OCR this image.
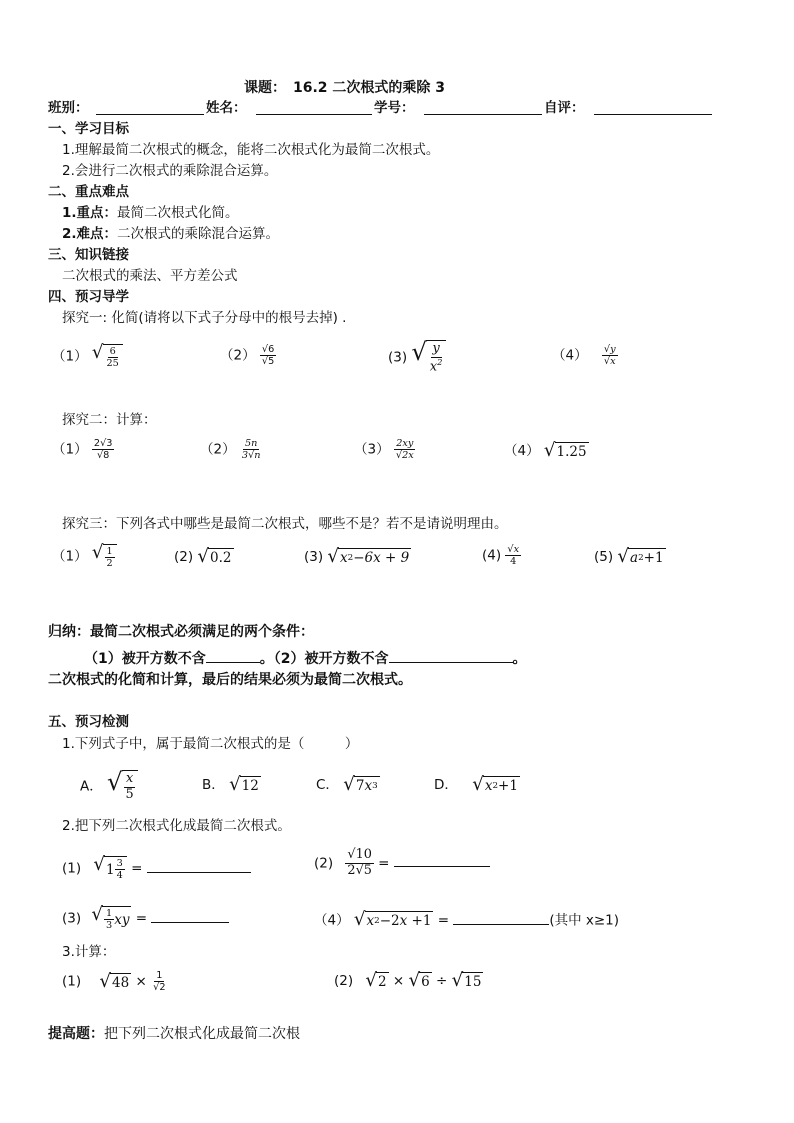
课题：　16.2 二次根式的乘除 3
班别：	姓名：	学号：	自评：
一、学习目标
1.理解最简二次根式的概念，能将二次根式化为最简二次根式。
2.会进行二次根式的乘除混合运算。
二、重点难点
1.重点：最简二次根式化简。
2.难点：二次根式的乘除混合运算。
三、知识链接
二次根式的乘法、平方差公式
四、预习导学
探究一: 化简(请将以下式子分母中的根号去掉) .
（1） √ $\frac{6}{25}$	$(2) \frac{√6}{√5}$	(3) √ $\frac{y}{x^2}$	$(4) \frac{√y}{√x}$
探究二：计算：
$(1) \frac{2√3}{√8}$	$(2) \frac{5n}{3√n}$	$(3) \frac{2xy}{√2x}$	（4） √ 1.25
探究三：下列各式中哪些是最简二次根式，哪些不是？若不是请说明理由。
（1） √ $\frac{1}{2}$	(2) √ 0.2	(3) √ x 2 −6x + 9	$(4) \frac{√x}{4}$	(5) √ a 2 + 1
归纳：最简二次根式必须满足的两个条件：
（1）被开方数不含	。（2）被开方数不含	。
二次根式的化简和计算，最后的结果必须为最简二次根式。
五、预习检测
1.下列式子中，属于最简二次根式的是（　　　）
A． √ $\frac{x}{5}$	B． √ 12	C． √ 7 x 3	D． √ x 2 + 1
2.把下列二次根式化成最简二次根式。
(1) √ $1 \frac{3}{4}$ =	$(2) \frac{√10}{2√5}$ =
(3) √ $\frac{1}{3}$ xy =	（4） √ x 2 − 2 x + 1 =	(其中 x≥1)
3.计算：
(1) √ $48 \times \frac{1}{√2}$	(2) √ 2 × √ 6 ÷ √ 15
提高题：把下列二次根式化成最简二次根
